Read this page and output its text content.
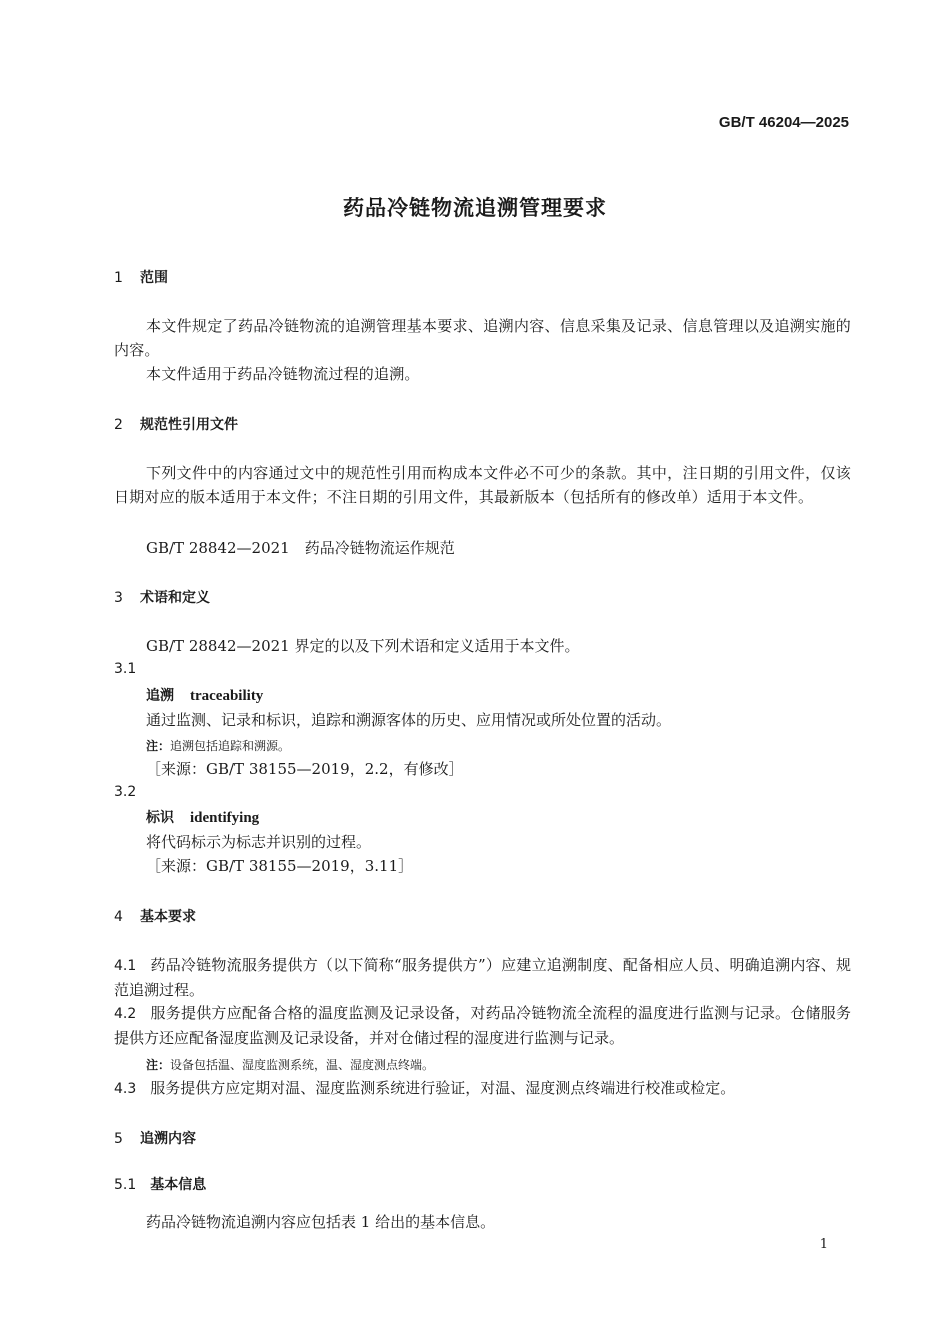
GB/T 46204—2025
药品冷链物流追溯管理要求
1 范围
本文件规定了药品冷链物流的追溯管理基本要求、追溯内容、信息采集及记录、信息管理以及追溯实施的内容。
本文件适用于药品冷链物流过程的追溯。
2 规范性引用文件
下列文件中的内容通过文中的规范性引用而构成本文件必不可少的条款。其中，注日期的引用文件，仅该日期对应的版本适用于本文件；不注日期的引用文件，其最新版本（包括所有的修改单）适用于本文件。
GB/T 28842—2021　药品冷链物流运作规范
3 术语和定义
GB/T 28842—2021 界定的以及下列术语和定义适用于本文件。
3.1
追溯 traceability
通过监测、记录和标识，追踪和溯源客体的历史、应用情况或所处位置的活动。
注：追溯包括追踪和溯源。
［来源：GB/T 38155—2019，2.2，有修改］
3.2
标识 identifying
将代码标示为标志并识别的过程。
［来源：GB/T 38155—2019，3.11］
4 基本要求
4.1 药品冷链物流服务提供方（以下简称“服务提供方”）应建立追溯制度、配备相应人员、明确追溯内容、规范追溯过程。
4.2 服务提供方应配备合格的温度监测及记录设备，对药品冷链物流全流程的温度进行监测与记录。仓储服务提供方还应配备湿度监测及记录设备，并对仓储过程的湿度进行监测与记录。
注：设备包括温、湿度监测系统，温、湿度测点终端。
4.3 服务提供方应定期对温、湿度监测系统进行验证，对温、湿度测点终端进行校准或检定。
5 追溯内容
5.1 基本信息
药品冷链物流追溯内容应包括表 1 给出的基本信息。
1
